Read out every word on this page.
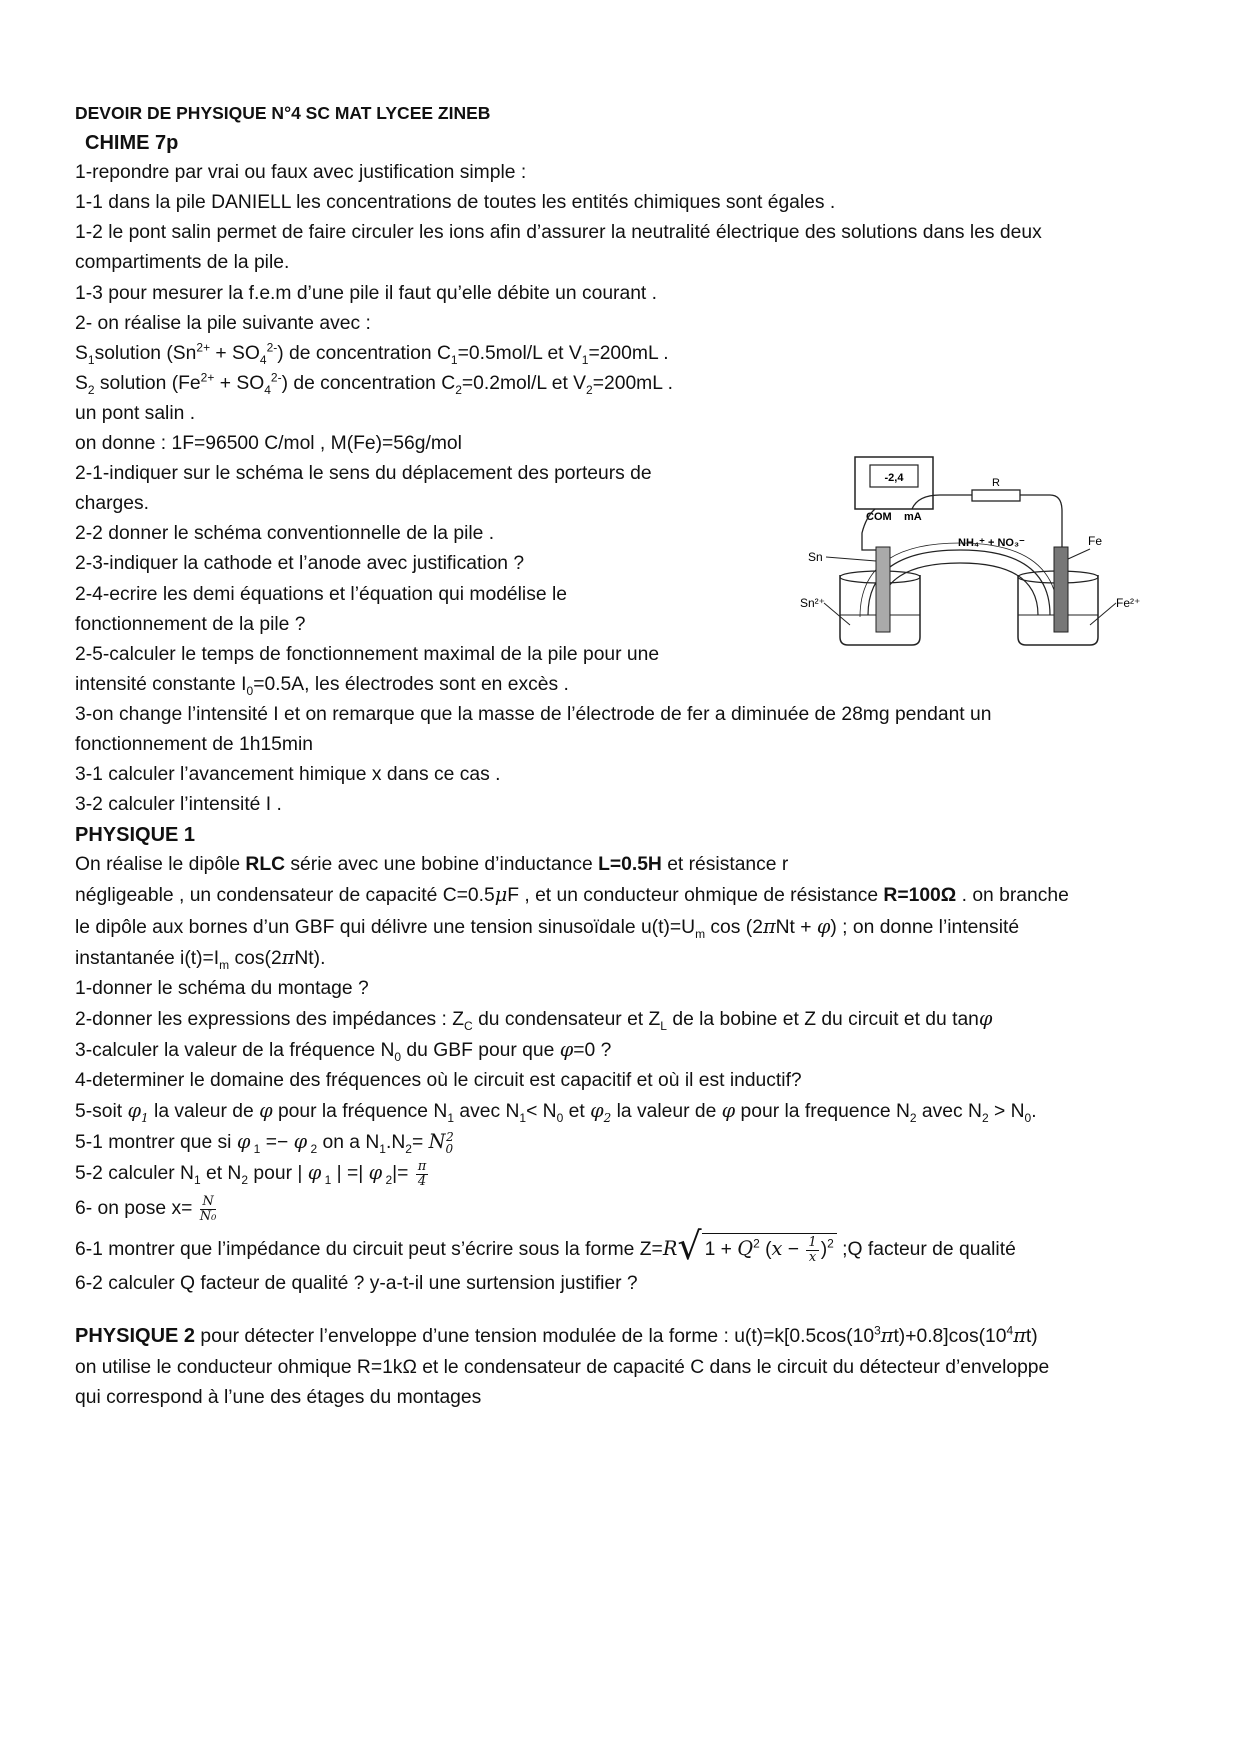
DEVOIR DE PHYSIQUE N°4 SC MAT LYCEE ZINEB
CHIME 7p
1-repondre par vrai ou faux avec justification simple :
1-1 dans la pile DANIELL les concentrations de toutes les entités chimiques sont égales .
1-2 le pont salin permet de faire circuler les ions afin d’assurer la neutralité électrique des solutions dans les deux
compartiments de la pile.
1-3 pour mesurer la f.e.m d’une pile il faut qu’elle débite un courant .
2- on réalise la pile suivante avec :
$S_1solution$ $(Sn^{2+} + SO_4^{2-})$ de concentration $C_1=0.5mol/L$ et $V_1=200mL$ .
$S_2$ solution $(Fe^{2+} + SO_4^{2-})$ de concentration $C_2=0.2mol/L$ et $V_2=200mL$ .
un pont salin .
on donne : 1F=96500 C/mol , M(Fe)=56g/mol
2-1-indiquer sur le schéma le sens du déplacement des porteurs de
charges.
2-2 donner le schéma conventionnelle de la pile .
2-3-indiquer la cathode et l’anode avec justification ?
2-4-ecrire les demi équations et l’équation qui modélise le
fonctionnement de la pile ?
2-5-calculer le temps de fonctionnement maximal de la pile pour une
intensité constante $I_0=0.5A$, les électrodes sont en excès .
3-on change l’intensité I et on remarque que la masse de l’électrode de fer a diminuée de 28mg pendant un
fonctionnement de 1h15min
3-1 calculer l’avancement himique x dans ce cas .
3-2 calculer l’intensité I .
PHYSIQUE 1
On réalise le dipôle RLC série avec une bobine d’inductance L=0.5H et résistance r
négligeable , un condensateur de capacité C=0.5μF , et un conducteur ohmique de résistance R=100Ω . on branche
le dipôle aux bornes d’un GBF qui délivre une tension sinusoïdale $u(t)=U_m$ cos (2πNt + φ) ; on donne l’intensité
instantanée $i(t)=I_m$ cos(2πNt).
1-donner le schéma du montage ?
2-donner les expressions des impédances : $Z_C$ du condensateur et $Z_L$ de la bobine et Z du circuit et du tanφ
3-calculer la valeur de la fréquence $N_0$ du GBF pour que φ=0 ?
4-determiner le domaine des fréquences où le circuit est capacitif et où il est inductif?
5-soit $\varphi_1$ la valeur de φ pour la fréquence $N_1$ avec $N_1< N_0$ et $\varphi_2$ la valeur de φ pour la frequence $N_2$ avec $N_2 > N_0$.
5-1 montrer que si φ $_1$ =− φ $_2$ on a $N_1.N_2= N_0^2$
5-2 calculer $N_1$ et $N_2$ pour | φ $_1$ | =| φ $_2|= \frac{\pi}{4}$
6- on pose $x= \frac{N}{\text{N₀}}$
6-1 montrer que l’impédance du circuit peut s’écrire sous la forme Z=R√ $1 + Q^2$ $(x - \frac{1}{x} )^2$ ;Q facteur de qualité
6-2 calculer Q facteur de qualité ? y-a-t-il une surtension justifier ?
PHYSIQUE 2 pour détecter l’enveloppe d’une tension modulée de la forme : $u(t)=k[0.5\cos(10^3\pi t)+0.8]\cos(10^4\pi t)$
on utilise le conducteur ohmique R=1kΩ et le condensateur de capacité C dans le circuit du détecteur d’enveloppe
qui correspond à l’une des étages du montages
-2,4
COM mA
R
NH₄⁺ + NO₃⁻
Sn
Fe
Sn²⁺	Fe²⁺
